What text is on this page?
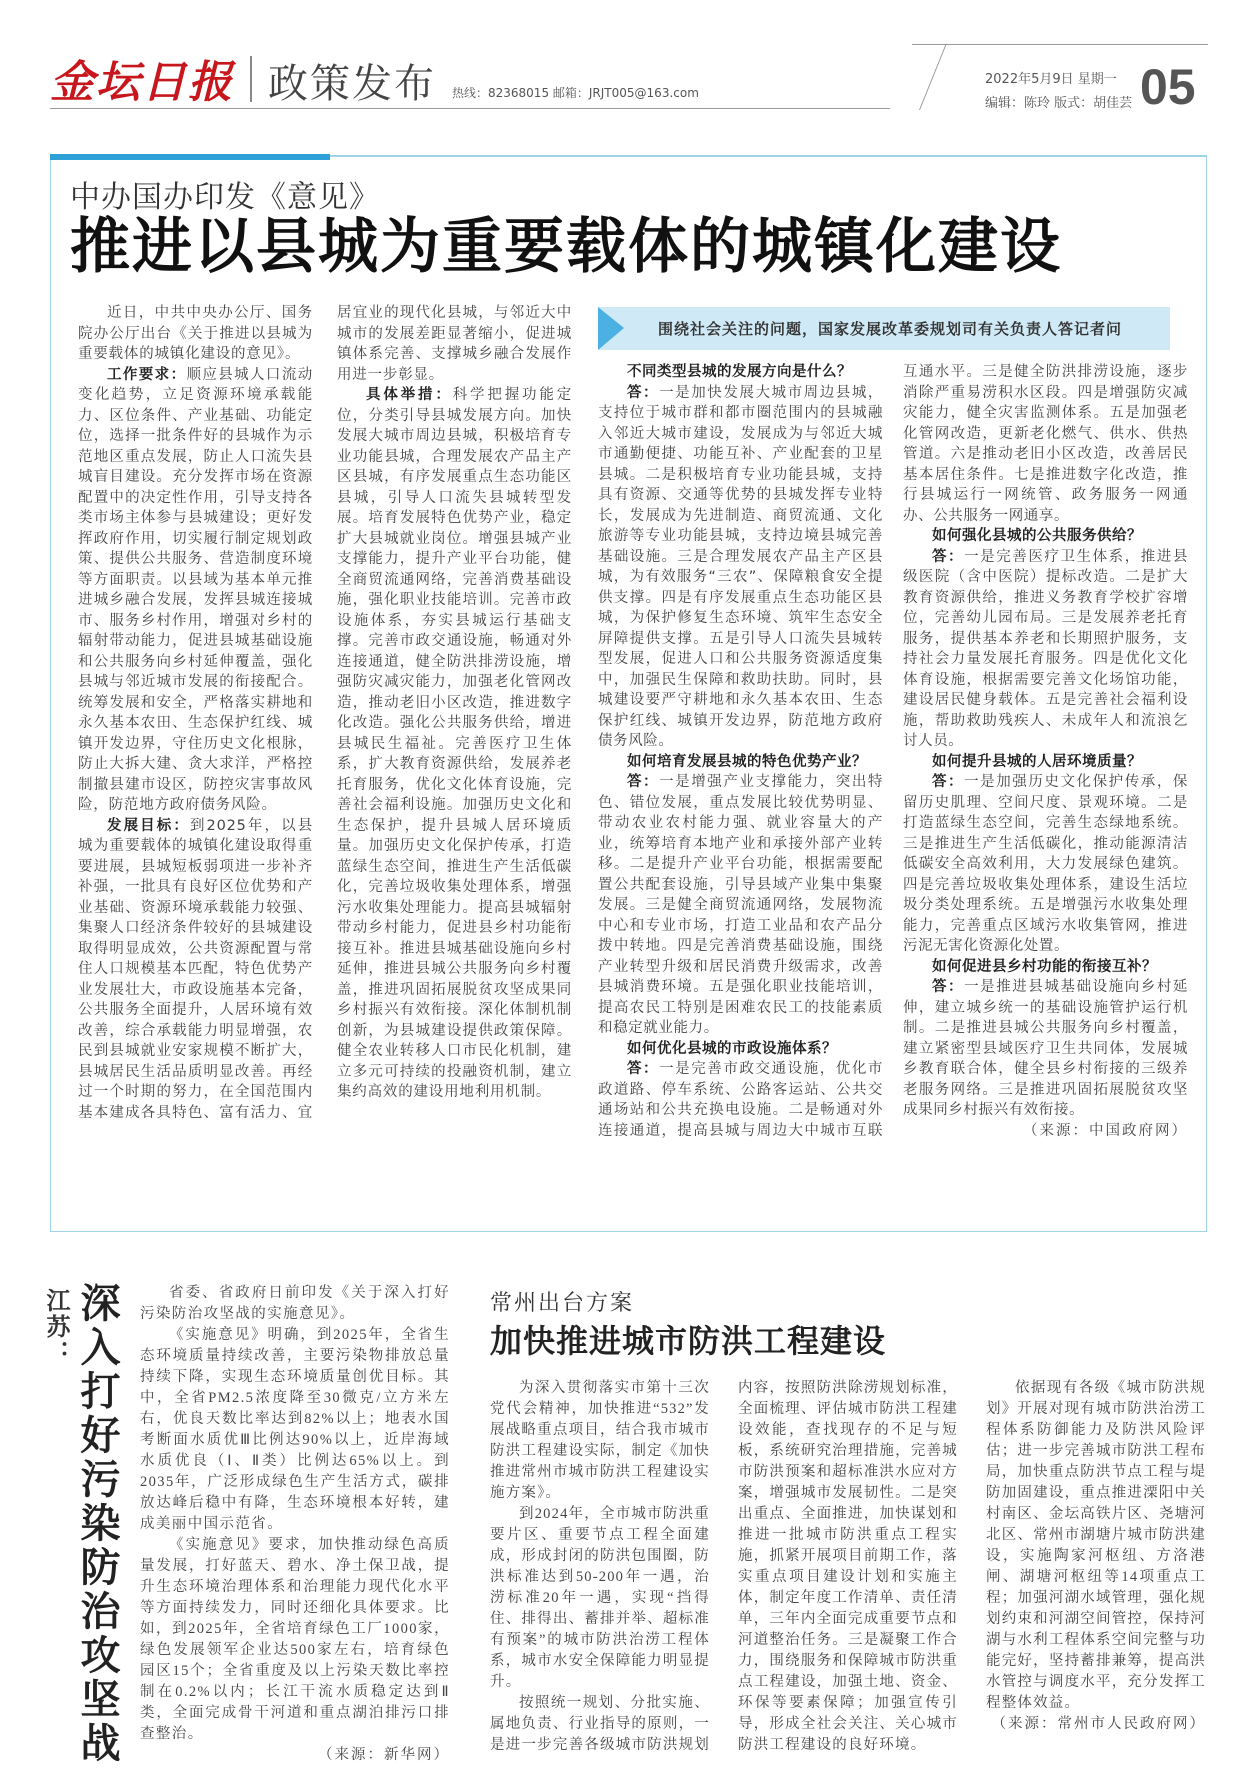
金坛日报 政策发布 热线：82368015 邮箱：JRJT005@163.com
2022年5月9日 星期一
编辑：陈玲 版式：胡佳芸 05
中办国办印发《意见》
推进以县城为重要载体的城镇化建设

近日，中共中央办公厅、国务院办公厅出台《关于推进以县城为重要载体的城镇化建设的意见》。

工作要求：顺应县城人口流动变化趋势，立足资源环境承载能力、区位条件、产业基础、功能定位，选择一批条件好的县城作为示范地区重点发展，防止人口流失县城盲目建设。充分发挥市场在资源配置中的决定性作用，引导支持各类市场主体参与县城建设；更好发挥政府作用，切实履行制定规划政策、提供公共服务、营造制度环境等方面职责。以县域为基本单元推进城乡融合发展，发挥县城连接城市、服务乡村作用，增强对乡村的辐射带动能力，促进县城基础设施和公共服务向乡村延伸覆盖，强化县城与邻近城市发展的衔接配合。统筹发展和安全，严格落实耕地和永久基本农田、生态保护红线、城镇开发边界，守住历史文化根脉，防止大拆大建、贪大求洋，严格控制撤县建市设区，防控灾害事故风险，防范地方政府债务风险。

发展目标：到2025年，以县城为重要载体的城镇化建设取得重要进展，县城短板弱项进一步补齐补强，一批具有良好区位优势和产业基础、资源环境承载能力较强、集聚人口经济条件较好的县城建设取得明显成效，公共资源配置与常住人口规模基本匹配，特色优势产业发展壮大，市政设施基本完备，公共服务全面提升，人居环境有效改善，综合承载能力明显增强，农民到县城就业安家规模不断扩大，县城居民生活品质明显改善。再经过一个时期的努力，在全国范围内基本建成各具特色、富有活力、宜居宜业的现代化县城，与邻近大中城市的发展差距显著缩小，促进城镇体系完善、支撑城乡融合发展作用进一步彰显。

具体举措：科学把握功能定位，分类引导县城发展方向。加快发展大城市周边县城，积极培育专业功能县城，合理发展农产品主产区县城，有序发展重点生态功能区县城，引导人口流失县城转型发展。培育发展特色优势产业，稳定扩大县城就业岗位。增强县城产业支撑能力，提升产业平台功能，健全商贸流通网络，完善消费基础设施，强化职业技能培训。完善市政设施体系，夯实县城运行基础支撑。完善市政交通设施，畅通对外连接通道，健全防洪排涝设施，增强防灾减灾能力，加强老化管网改造，推动老旧小区改造，推进数字化改造。强化公共服务供给，增进县城民生福祉。完善医疗卫生体系，扩大教育资源供给，发展养老托育服务，优化文化体育设施，完善社会福利设施。加强历史文化和生态保护，提升县城人居环境质量。加强历史文化保护传承，打造蓝绿生态空间，推进生产生活低碳化，完善垃圾收集处理体系，增强污水收集处理能力。提高县城辐射带动乡村能力，促进县乡村功能衔接互补。推进县城基础设施向乡村延伸，推进县城公共服务向乡村覆盖，推进巩固拓展脱贫攻坚成果同乡村振兴有效衔接。深化体制机制创新，为县城建设提供政策保障。健全农业转移人口市民化机制，建立多元可持续的投融资机制，建立集约高效的建设用地利用机制。

围绕社会关注的问题，国家发展改革委规划司有关负责人答记者问

不同类型县城的发展方向是什么？

答：一是加快发展大城市周边县城，支持位于城市群和都市圈范围内的县城融入邻近大城市建设，发展成为与邻近大城市通勤便捷、功能互补、产业配套的卫星县城。二是积极培育专业功能县城，支持具有资源、交通等优势的县城发挥专业特长，发展成为先进制造、商贸流通、文化旅游等专业功能县城，支持边境县城完善基础设施。三是合理发展农产品主产区县城，为有效服务“三农”、保障粮食安全提供支撑。四是有序发展重点生态功能区县城，为保护修复生态环境、筑牢生态安全屏障提供支撑。五是引导人口流失县城转型发展，促进人口和公共服务资源适度集中，加强民生保障和救助扶助。同时，县城建设要严守耕地和永久基本农田、生态保护红线、城镇开发边界，防范地方政府债务风险。

如何培育发展县城的特色优势产业？

答：一是增强产业支撑能力，突出特色、错位发展，重点发展比较优势明显、带动农业农村能力强、就业容量大的产业，统筹培育本地产业和承接外部产业转移。二是提升产业平台功能，根据需要配置公共配套设施，引导县域产业集中集聚发展。三是健全商贸流通网络，发展物流中心和专业市场，打造工业品和农产品分拨中转地。四是完善消费基础设施，围绕产业转型升级和居民消费升级需求，改善县城消费环境。五是强化职业技能培训，提高农民工特别是困难农民工的技能素质和稳定就业能力。

如何优化县城的市政设施体系？

答：一是完善市政交通设施，优化市政道路、停车系统、公路客运站、公共交通场站和公共充换电设施。二是畅通对外连接通道，提高县城与周边大中城市互联互通水平。三是健全防洪排涝设施，逐步消除严重易涝积水区段。四是增强防灾减灾能力，健全灾害监测体系。五是加强老化管网改造，更新老化燃气、供水、供热管道。六是推动老旧小区改造，改善居民基本居住条件。七是推进数字化改造，推行县城运行一网统管、政务服务一网通办、公共服务一网通享。

如何强化县城的公共服务供给？

答：一是完善医疗卫生体系，推进县级医院（含中医院）提标改造。二是扩大教育资源供给，推进义务教育学校扩容增位，完善幼儿园布局。三是发展养老托育服务，提供基本养老和长期照护服务，支持社会力量发展托育服务。四是优化文化体育设施，根据需要完善文化场馆功能，建设居民健身载体。五是完善社会福利设施，帮助救助残疾人、未成年人和流浪乞讨人员。

如何提升县城的人居环境质量？

答：一是加强历史文化保护传承，保留历史肌理、空间尺度、景观环境。二是打造蓝绿生态空间，完善生态绿地系统。三是推进生产生活低碳化，推动能源清洁低碳安全高效利用，大力发展绿色建筑。四是完善垃圾收集处理体系，建设生活垃圾分类处理系统。五是增强污水收集处理能力，完善重点区域污水收集管网，推进污泥无害化资源化处置。

如何促进县乡村功能的衔接互补？

答：一是推进县城基础设施向乡村延伸，建立城乡统一的基础设施管护运行机制。二是推进县城公共服务向乡村覆盖，建立紧密型县域医疗卫生共同体，发展城乡教育联合体，健全县乡村衔接的三级养老服务网络。三是推进巩固拓展脱贫攻坚成果同乡村振兴有效衔接。

（来源：中国政府网）
江苏： 深入打好污染防治攻坚战	省委、省政府日前印发《关于深入打好污染防治攻坚战的实施意见》。

《实施意见》明确，到2025年，全省生态环境质量持续改善，主要污染物排放总量持续下降，实现生态环境质量创优目标。其中，全省PM2.5浓度降至30微克/立方米左右，优良天数比率达到82%以上；地表水国考断面水质优Ⅲ比例达90%以上，近岸海域水质优良（Ⅰ、Ⅱ类）比例达65%以上。到2035年，广泛形成绿色生产生活方式，碳排放达峰后稳中有降，生态环境根本好转，建成美丽中国示范省。

《实施意见》要求，加快推动绿色高质量发展，打好蓝天、碧水、净土保卫战，提升生态环境治理体系和治理能力现代化水平等方面持续发力，同时还细化具体要求。比如，到2025年，全省培育绿色工厂1000家，绿色发展领军企业达500家左右，培育绿色园区15个；全省重度及以上污染天数比率控制在0.2%以内；长江干流水质稳定达到Ⅱ类，全面完成骨干河道和重点湖泊排污口排查整治。

（来源：新华网）
常州出台方案
加快推进城市防洪工程建设

为深入贯彻落实市第十三次党代会精神，加快推进“532”发展战略重点项目，结合我市城市防洪工程建设实际，制定《加快推进常州市城市防洪工程建设实施方案》。

到2024年，全市城市防洪重要片区、重要节点工程全面建成，形成封闭的防洪包围圈，防洪标准达到50-200年一遇，治涝标准20年一遇，实现“挡得住、排得出、蓄排并举、超标准有预案”的城市防洪治涝工程体系，城市水安全保障能力明显提升。

按照统一规划、分批实施、属地负责、行业指导的原则，一是进一步完善各级城市防洪规划内容，按照防洪除涝规划标准，全面梳理、评估城市防洪工程建设效能，查找现存的不足与短板，系统研究治理措施，完善城市防洪预案和超标准洪水应对方案，增强城市发展韧性。二是突出重点、全面推进，加快谋划和推进一批城市防洪重点工程实施，抓紧开展项目前期工作，落实重点项目建设计划和实施主体，制定年度工作清单、责任清单，三年内全面完成重要节点和河道整治任务。三是凝聚工作合力，围绕服务和保障城市防洪重点工程建设，加强土地、资金、环保等要素保障；加强宣传引导，形成全社会关注、关心城市防洪工程建设的良好环境。

依据现有各级《城市防洪规划》开展对现有城市防洪治涝工程体系防御能力及防洪风险评估；进一步完善城市防洪工程布局，加快重点防洪节点工程与堤防加固建设，重点推进溧阳中关村南区、金坛高铁片区、尧塘河北区、常州市湖塘片城市防洪建设，实施陶家河枢纽、方洛港闸、湖塘河枢纽等14项重点工程；加强河湖水域管理，强化规划约束和河湖空间管控，保持河湖与水利工程体系空间完整与功能完好，坚持蓄排兼筹，提高洪水管控与调度水平，充分发挥工程整体效益。

（来源：常州市人民政府网）
